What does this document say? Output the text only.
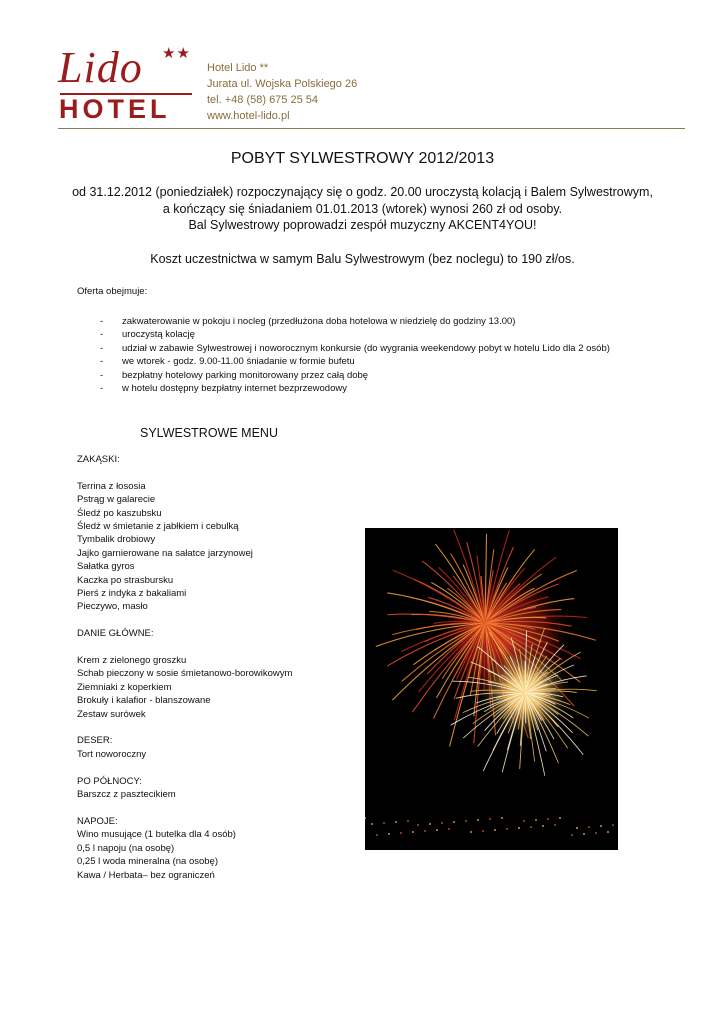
Lido	★★
HOTEL
Hotel Lido **
Jurata ul. Wojska Polskiego 26
tel. +48 (58) 675 25 54
www.hotel-lido.pl
POBYT SYLWESTROWY 2012/2013
od 31.12.2012 (poniedziałek) rozpoczynający się o godz. 20.00 uroczystą kolacją i Balem Sylwestrowym,
a kończący się śniadaniem 01.01.2013 (wtorek) wynosi 260 zł od osoby.
Bal Sylwestrowy poprowadzi zespół muzyczny AKCENT4YOU!
Koszt uczestnictwa w samym Balu Sylwestrowym (bez noclegu) to 190 zł/os.
Oferta obejmuje:
- zakwaterowanie w pokoju i nocleg (przedłużona doba hotelowa w niedzielę do godziny 13.00)
- uroczystą kolację
- udział w zabawie Sylwestrowej i noworocznym konkursie (do wygrania weekendowy pobyt w hotelu Lido dla 2 osób)
- we wtorek - godz. 9.00-11.00 śniadanie w formie bufetu
- bezpłatny hotelowy parking monitorowany przez całą dobę
- w hotelu dostępny bezpłatny internet bezprzewodowy
SYLWESTROWE MENU
ZAKĄSKI:
Terrina z łososia
Pstrąg w galarecie
Śledź po kaszubsku
Śledź w śmietanie z jabłkiem i cebulką
Tymbalik drobiowy
Jajko garnierowane na sałatce jarzynowej
Sałatka gyros
Kaczka po strasbursku
Pierś z indyka z bakaliami
Pieczywo, masło
DANIE GŁÓWNE:
Krem z zielonego groszku
Schab pieczony w sosie śmietanowo-borowikowym
Ziemniaki z koperkiem
Brokuły i kalafior - blanszowane
Zestaw surówek
DESER:
Tort noworoczny
PO PÓŁNOCY:
Barszcz z pasztecikiem
NAPOJE:
Wino musujące (1 butelka dla 4 osób)
0,5 l napoju (na osobę)
0,25 l woda mineralna (na osobę)
Kawa / Herbata– bez ograniczeń
